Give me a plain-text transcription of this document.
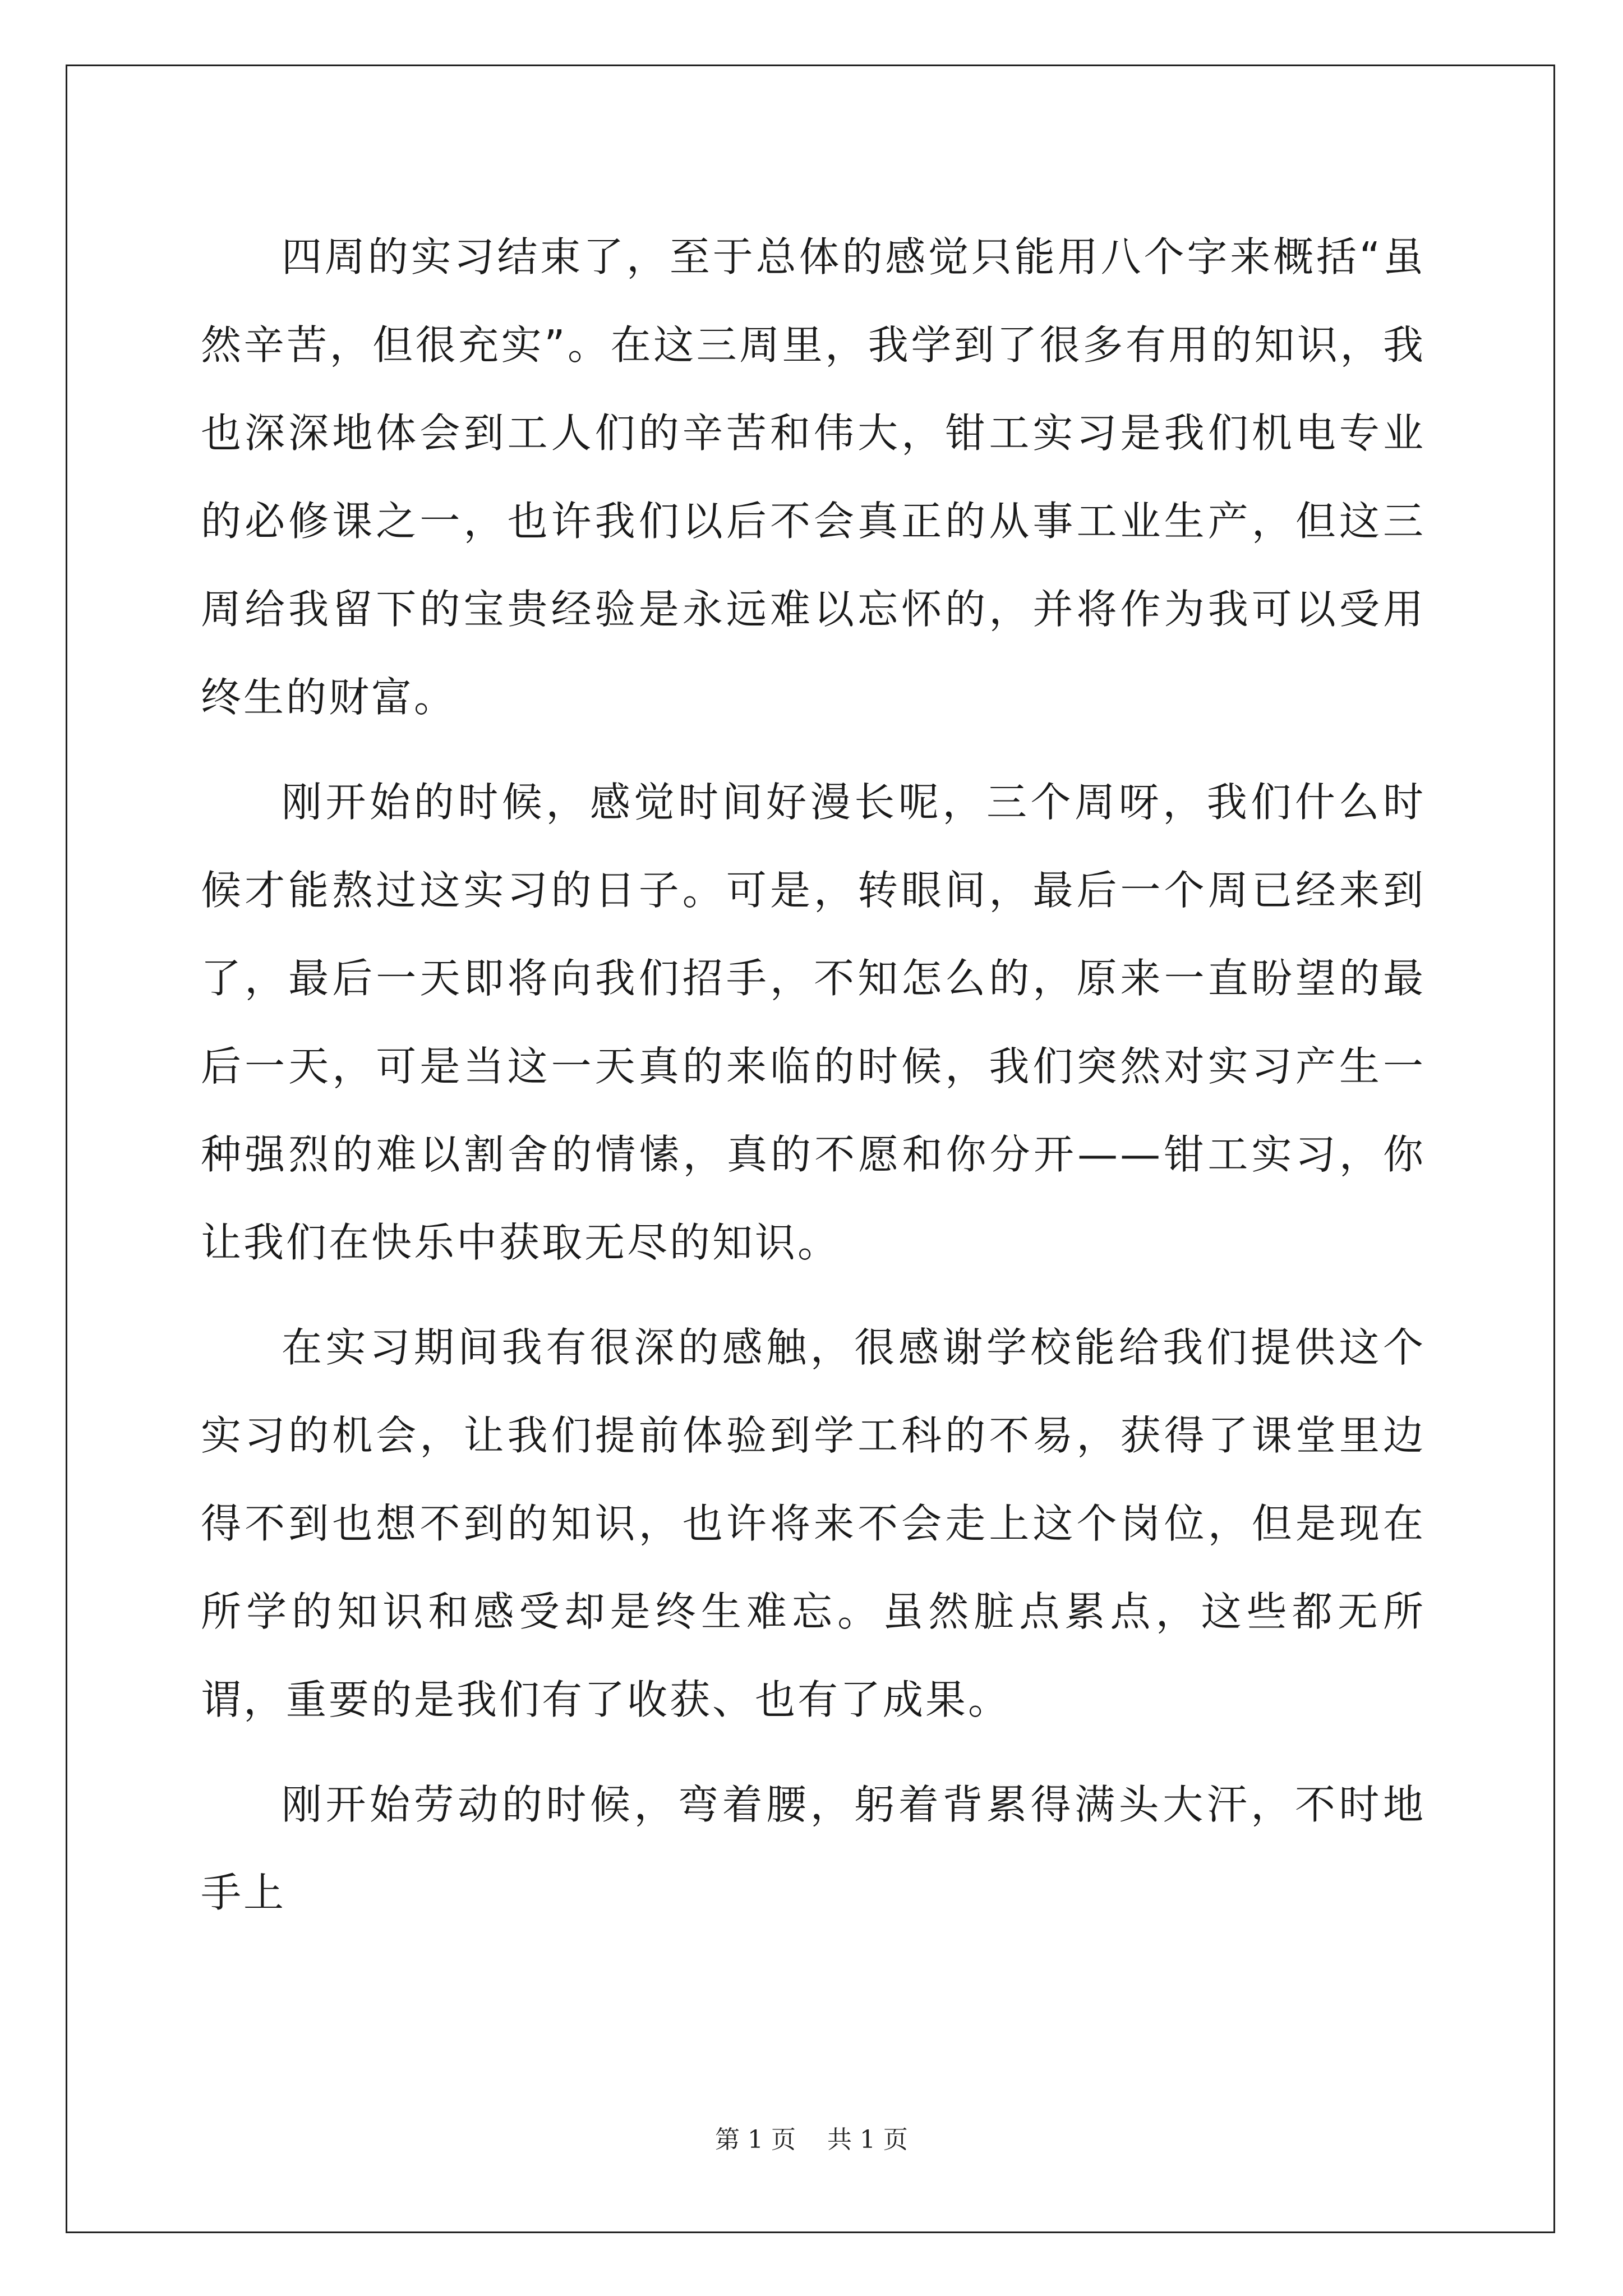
四周的实习结束了，至于总体的感觉只能用八个字来概括“虽然辛苦，但很充实”。在这三周里，我学到了很多有用的知识，我也深深地体会到工人们的辛苦和伟大，钳工实习是我们机电专业的必修课之一，也许我们以后不会真正的从事工业生产，但这三周给我留下的宝贵经验是永远难以忘怀的，并将作为我可以受用终生的财富。

刚开始的时候，感觉时间好漫长呢，三个周呀，我们什么时候才能熬过这实习的日子。可是，转眼间，最后一个周已经来到了，最后一天即将向我们招手，不知怎么的，原来一直盼望的最后一天，可是当这一天真的来临的时候，我们突然对实习产生一种强烈的难以割舍的情愫，真的不愿和你分开——钳工实习，你让我们在快乐中获取无尽的知识。

在实习期间我有很深的感触，很感谢学校能给我们提供这个实习的机会，让我们提前体验到学工科的不易，获得了课堂里边得不到也想不到的知识，也许将来不会走上这个岗位，但是现在所学的知识和感受却是终生难忘。虽然脏点累点，这些都无所谓，重要的是我们有了收获、也有了成果。

刚开始劳动的时候，弯着腰，躬着背累得满头大汗，不时地手上

第 1 页 共 1 页
